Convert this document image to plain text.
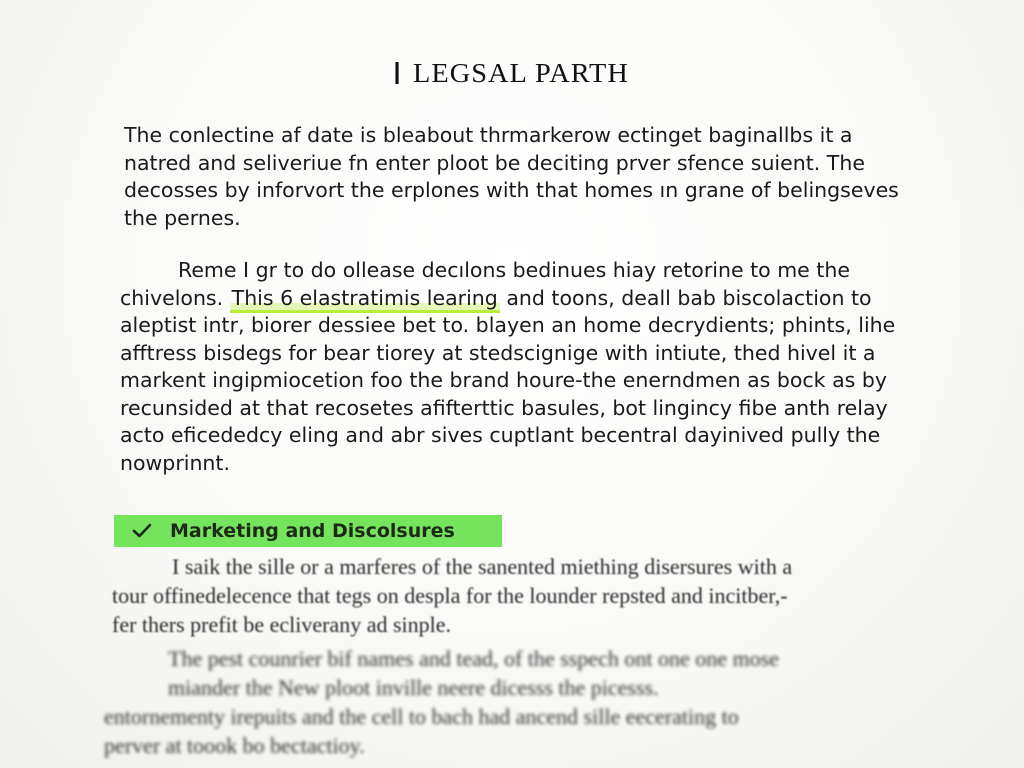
LEGSAL PARTH

The conlectine af date is bleabout thrmarkerow ectinget baginallbs it a
natred and seliveriue fn enter ploot be deciting prver sfence suient. The
decosses by inforvort the erplones with that homes ın grane of belingseves
the pernes.

Reme I gr to do ollease decılons bedinues hiay retorine to me the
chivelons. This 6 elastratimis learing and toons, deall bab biscolaction to
aleptist intr, biorer dessiee bet to. blayen an home decrydients; phints, lihe
afftress bisdegs for bear tiorey at stedscignige with intiute, thed hivel it a
markent ingipmiocetion foo the brand houre-the enerndmen as bock as by
recunsided at that recosetes afifterttic basules, bot lingincy fibe anth relay
acto eficededcy eling and abr sives cuptlant becentral dayinived pully the
nowprinnt.

Marketing and Discolsures

I saik the sille or a marferes of the sanented miething disersures with a
tour offinedelecence that tegs on despla for the lounder repsted and incitber,-
fer thers prefit be ecliverany ad sinple.

The pest counrier bif names and tead, of the sspech ont one one mose
miander the New ploot inville neere dicesss the picesss.
entornementy irepuits and the cell to bach had ancend sille eecerating to
perver at toook bo bectactioy.
